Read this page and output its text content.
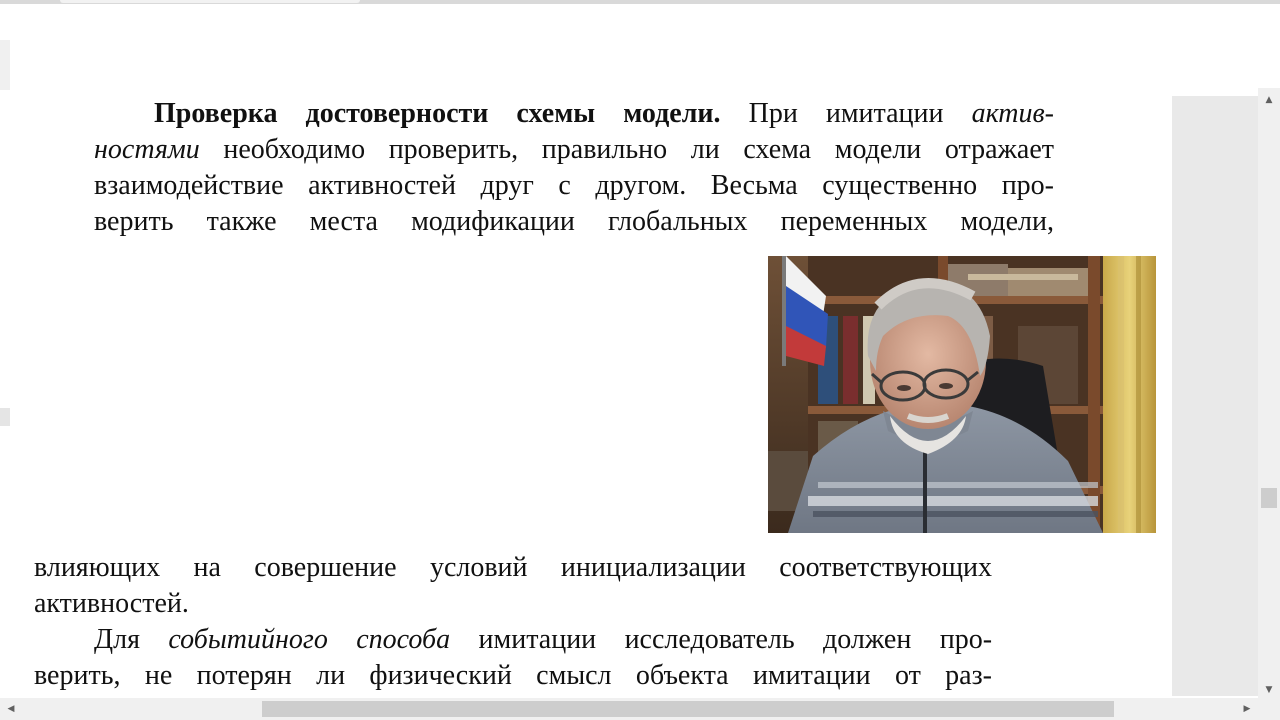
Проверка достоверности схемы модели. При имитации актив-
ностями необходимо проверить, правильно ли схема модели отражает
взаимодействие активностей друг с другом. Весьма существенно про-
верить также места модификации глобальных переменных модели,
влияющих на совершение условий инициализации соответствующих
активностей.
Для событийного способа имитации исследователь должен про-
верить, не потерян ли физический смысл объекта имитации от раз-
▲
▼
◀	▶
